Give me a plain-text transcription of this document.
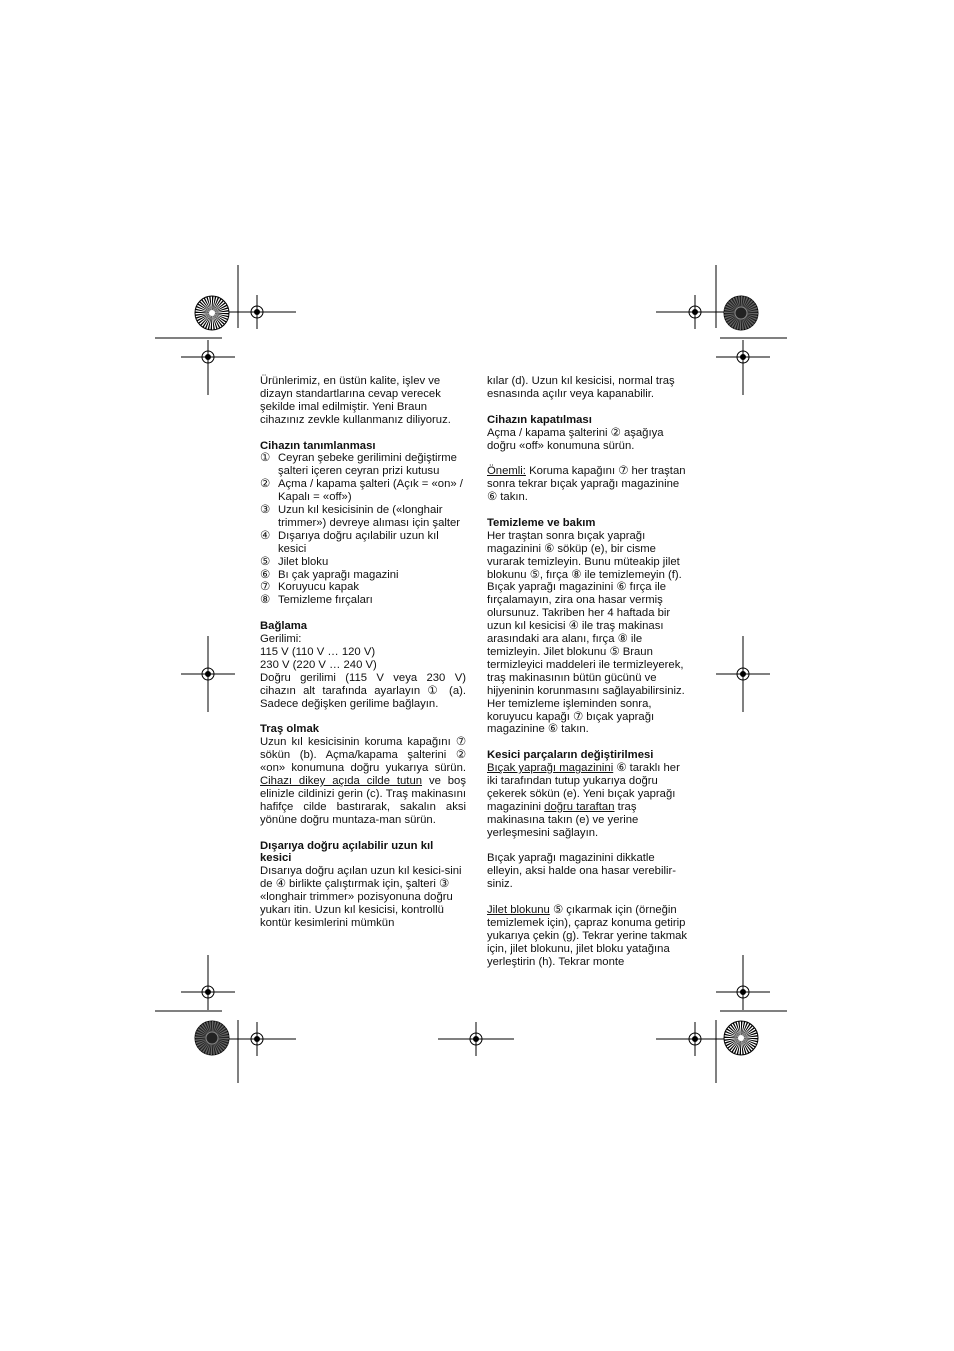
Ürünlerimiz, en üstün kalite, işlev ve dizayn standartlarına cevap verecek şekilde imal edilmiştir. Yeni Braun cihazınız zevkle kullanmanız diliyoruz.

Cihazın tanımlanması
① Ceyran şebeke gerilimini değiştirme şalteri içeren ceyran prizi kutusu
② Açma / kapama şalteri (Açık = «on» / Kapalı = «off»)
③ Uzun kıl kesicisinin de («longhair trimmer») devreye alıması için şalter
④ Dışarıya doğru açılabilir uzun kıl kesici
⑤ Jilet bloku
⑥ Bı çak yaprağı magazini
⑦ Koruyucu kapak
⑧ Temizleme fırçaları
Bağlama
Gerilimi:
115 V (110 V … 120 V)
230 V (220 V … 240 V)
Doğru gerilimi (115 V veya 230 V) cihazın alt tarafında ayarlayın ① (a). Sadece değişken gerilime bağlayın.
Traş olmak
Uzun kıl kesicisinin koruma kapağını ⑦ sökün (b). Açma/kapama şalterini ② «on» konumuna doğru yukarıya sürün. Cihazı dikey açıda cilde tutun ve boş elinizle cildinizi gerin (c). Traş makinasını hafifçe cilde bastırarak, sakalın aksi yönüne doğru muntaza-man sürün.
Dışarıya doğru açılabilir uzun kıl kesici
Dısarıya doğru açılan uzun kıl kesici-sini de ④ birlikte çalıştırmak için, şalteri ③ «longhair trimmer» pozisyonuna doğru yukarı itin. Uzun kıl kesicisi, kontrollü kontür kesimlerini mümkün

kılar (d). Uzun kıl kesicisi, normal traş esnasında açılır veya kapanabilir.

Cihazın kapatılması
Açma / kapama şalterini ② aşağıya doğru «off» konumuna sürün.
Önemli: Koruma kapağını ⑦ her traştan sonra tekrar bıçak yaprağı magazinine ⑥ takın.
Temizleme ve bakım
Her traştan sonra bıçak yaprağı magazinini ⑥ söküp (e), bir cisme vurarak temizleyin. Bunu müteakip jilet blokunu ⑤, fırça ⑧ ile temizlemeyin (f). Bıçak yaprağı magazinini ⑥ fırça ile fırçalamayın, zira ona hasar vermiş olursunuz. Takriben her 4 haftada bir uzun kıl kesicisi ④ ile traş makinası arasındaki ara alanı, fırça ⑧ ile temizleyin. Jilet blokunu ⑤ Braun termizleyici maddeleri ile termizleyerek, traş makinasının bütün gücünü ve hijyeninin korunmasını sağlayabilirsiniz. Her temizleme işleminden sonra, koruyucu kapağı ⑦ bıçak yaprağı magazinine ⑥ takın.
Kesici parçaların değiştirilmesi
Bıçak yaprağı magazinini ⑥ taraklı her iki tarafından tutup yukarıya doğru çekerek sökün (e). Yeni bıçak yaprağı magazinini doğru taraftan traş makinasına takın (e) ve yerine yerleşmesini sağlayın.

Bıçak yaprağı magazinini dikkatle elleyin, aksi halde ona hasar verebilir-siniz.

Jilet blokunu ⑤ çıkarmak için (örneğin temizlemek için), çapraz konuma getirip yukarıya çekin (g). Tekrar yerine takmak için, jilet blokunu, jilet bloku yatağına yerleştirin (h). Tekrar monte
